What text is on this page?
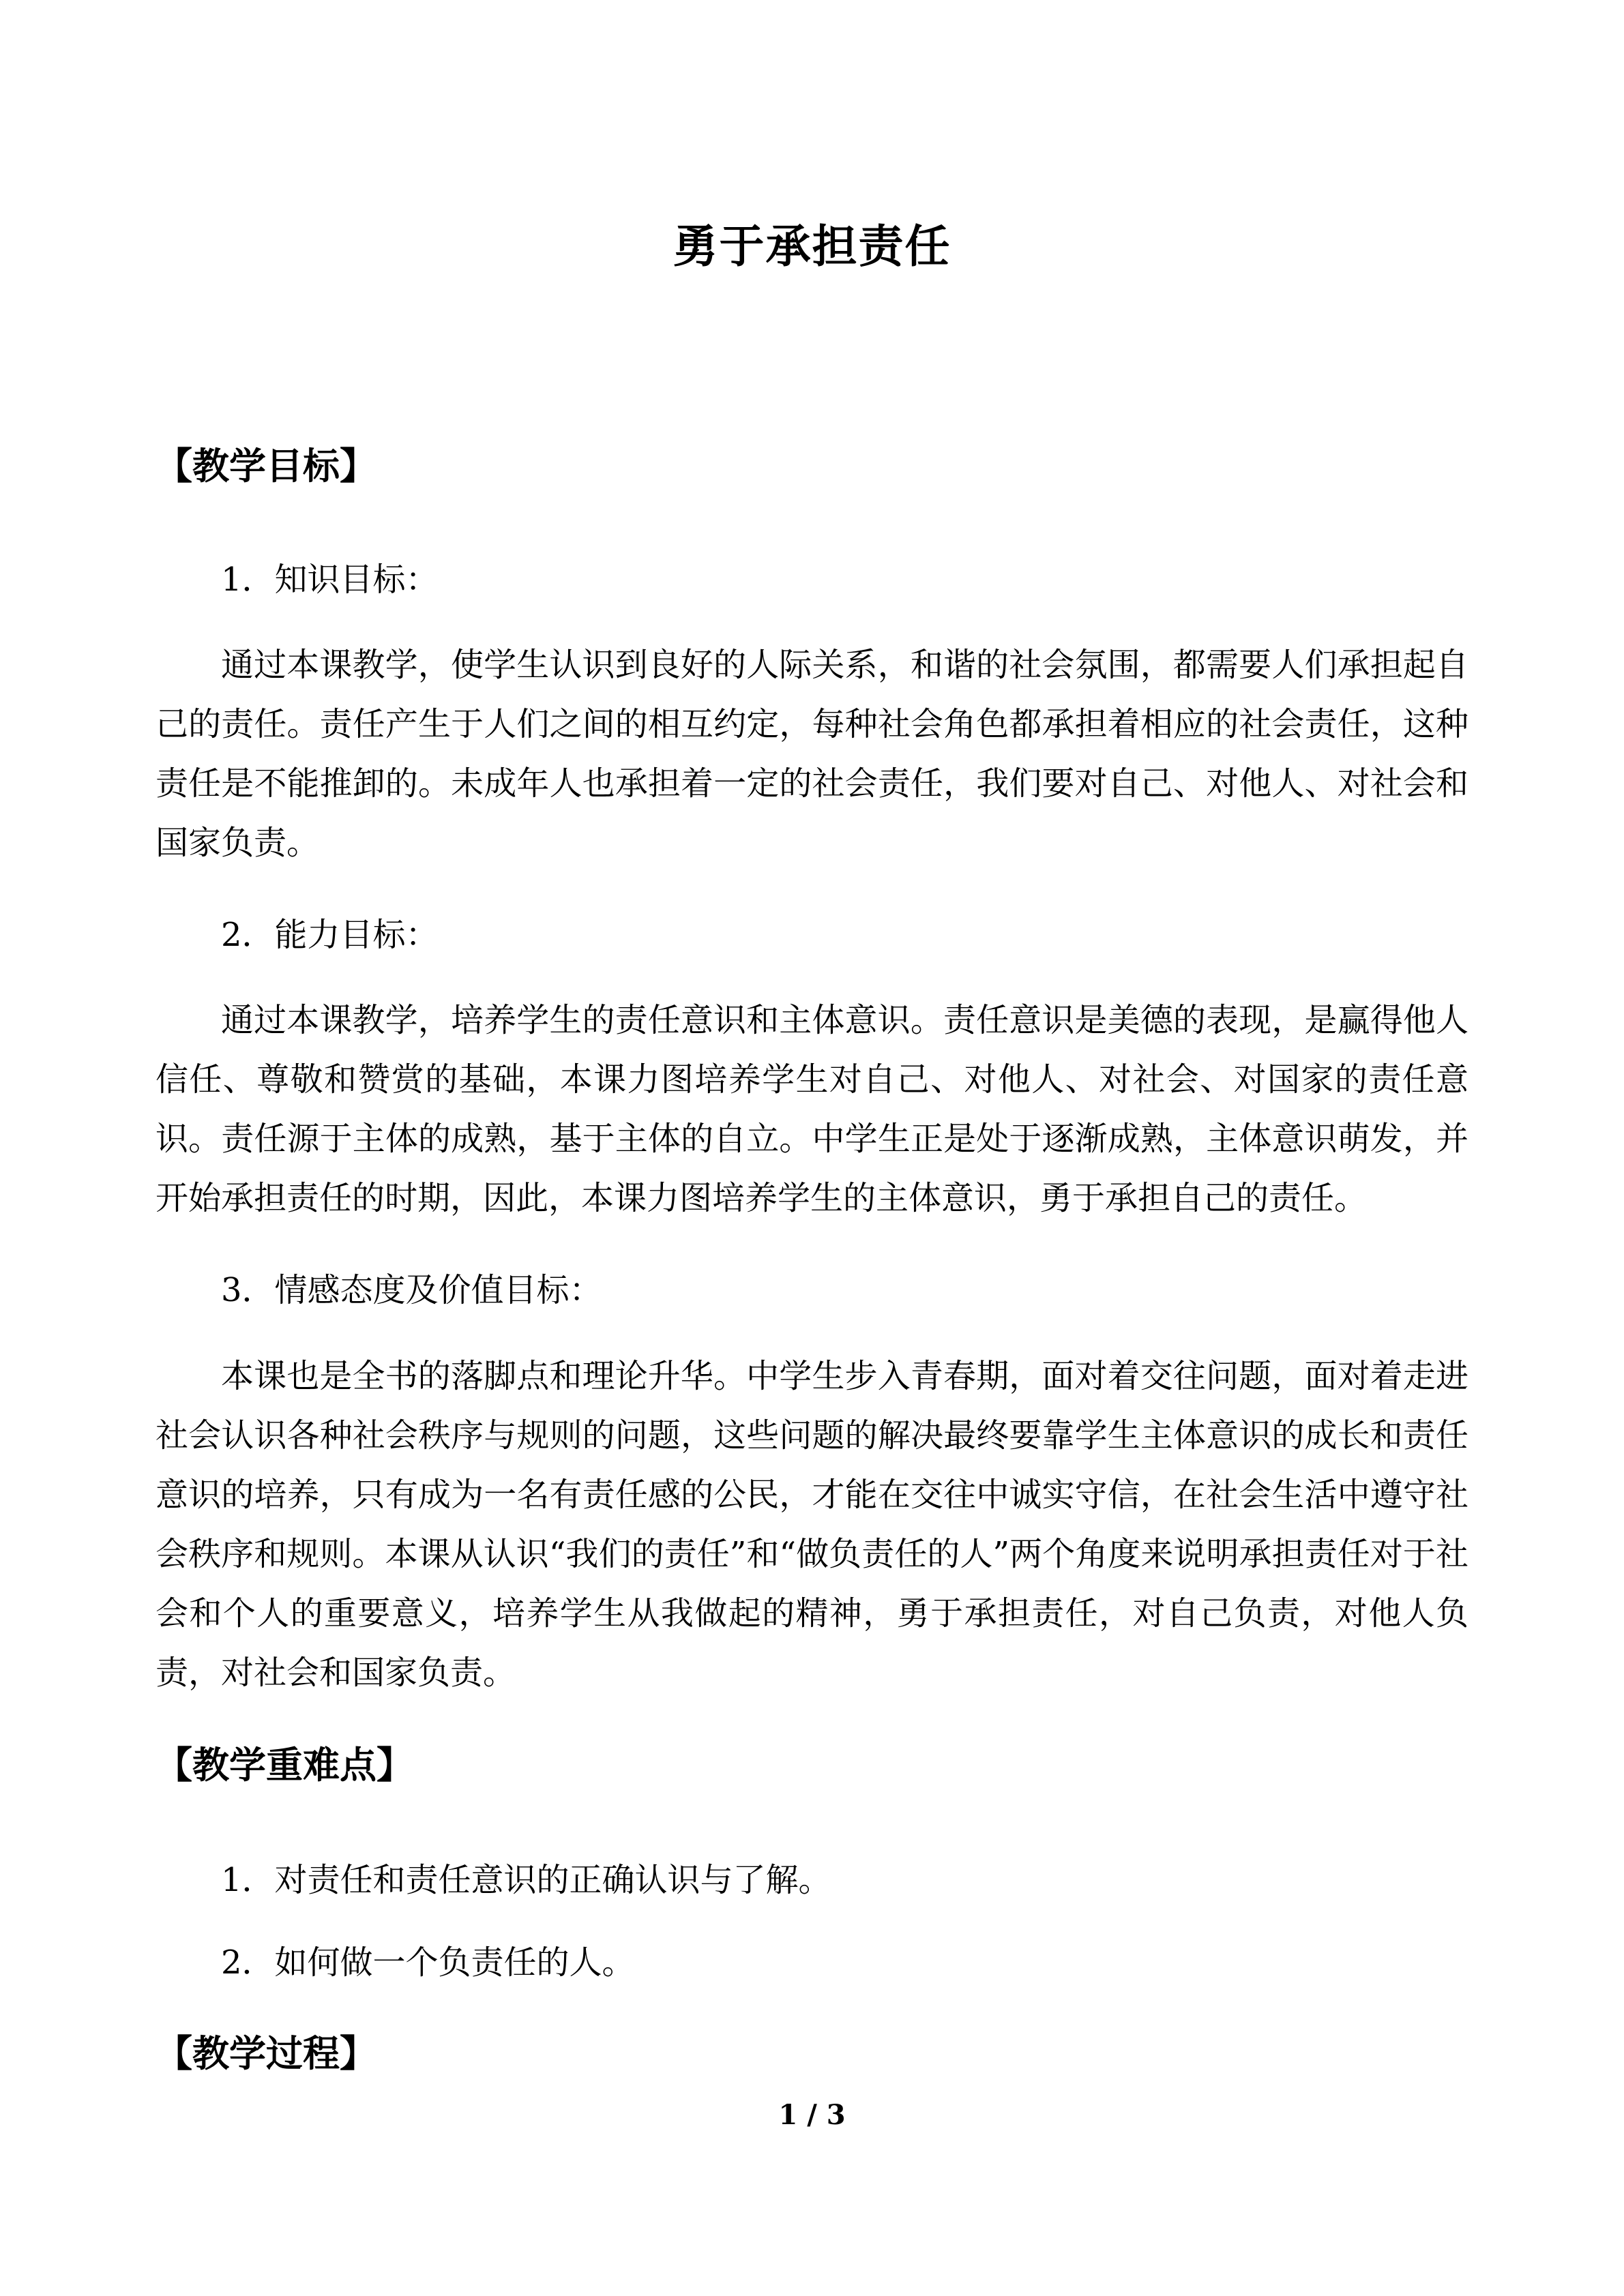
勇于承担责任
【教学目标】
1．知识目标：

通过本课教学，使学生认识到良好的人际关系，和谐的社会氛围，都需要人们承担起自己的责任。责任产生于人们之间的相互约定，每种社会角色都承担着相应的社会责任，这种责任是不能推卸的。未成年人也承担着一定的社会责任，我们要对自己、对他人、对社会和国家负责。

2．能力目标：

通过本课教学，培养学生的责任意识和主体意识。责任意识是美德的表现，是赢得他人信任、尊敬和赞赏的基础，本课力图培养学生对自己、对他人、对社会、对国家的责任意识。责任源于主体的成熟，基于主体的自立。中学生正是处于逐渐成熟，主体意识萌发，并开始承担责任的时期，因此，本课力图培养学生的主体意识，勇于承担自己的责任。

3．情感态度及价值目标：

本课也是全书的落脚点和理论升华。中学生步入青春期，面对着交往问题，面对着走进社会认识各种社会秩序与规则的问题，这些问题的解决最终要靠学生主体意识的成长和责任意识的培养，只有成为一名有责任感的公民，才能在交往中诚实守信，在社会生活中遵守社会秩序和规则。本课从认识“我们的责任”和“做负责任的人”两个角度来说明承担责任对于社会和个人的重要意义，培养学生从我做起的精神，勇于承担责任，对自己负责，对他人负责，对社会和国家负责。

【教学重难点】
1．对责任和责任意识的正确认识与了解。
2．如何做一个负责任的人。
【教学过程】
1 / 3
